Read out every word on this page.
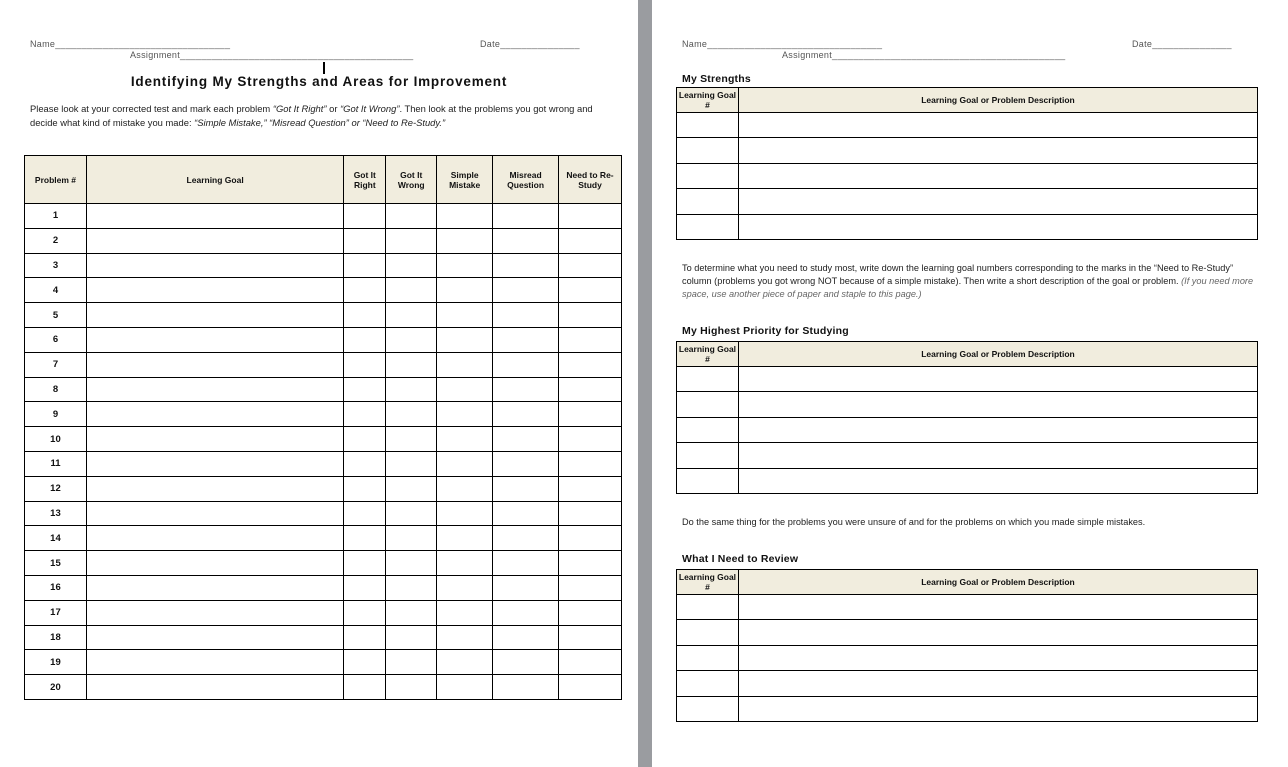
Name_________________________________	Date_______________
Assignment____________________________________________
Identifying My Strengths and Areas for Improvement
Please look at your corrected test and mark each problem “Got It Right” or “Got It Wrong”. Then look at the problems you got wrong and decide what kind of mistake you made: “Simple Mistake,” “Misread Question” or “Need to Re-Study.”
Problem #	Learning Goal	Got It Right	Got It Wrong	Simple Mistake	Misread Question	Need to Re-Study
1						
2						
3						
4						
5						
6						
7						
8						
9						
10						
11						
12						
13						
14						
15						
16						
17						
18						
19						
20						
Name_________________________________	Date_______________
Assignment____________________________________________
My Strengths
Learning Goal #	Learning Goal or Problem Description

To determine what you need to study most, write down the learning goal numbers corresponding to the marks in the “Need to Re-Study” column (problems you got wrong NOT because of a simple mistake). Then write a short description of the goal or problem. (If you need more space, use another piece of paper and staple to this page.)
My Highest Priority for Studying
Learning Goal #	Learning Goal or Problem Description

Do the same thing for the problems you were unsure of and for the problems on which you made simple mistakes.
What I Need to Review
Learning Goal #	Learning Goal or Problem Description
